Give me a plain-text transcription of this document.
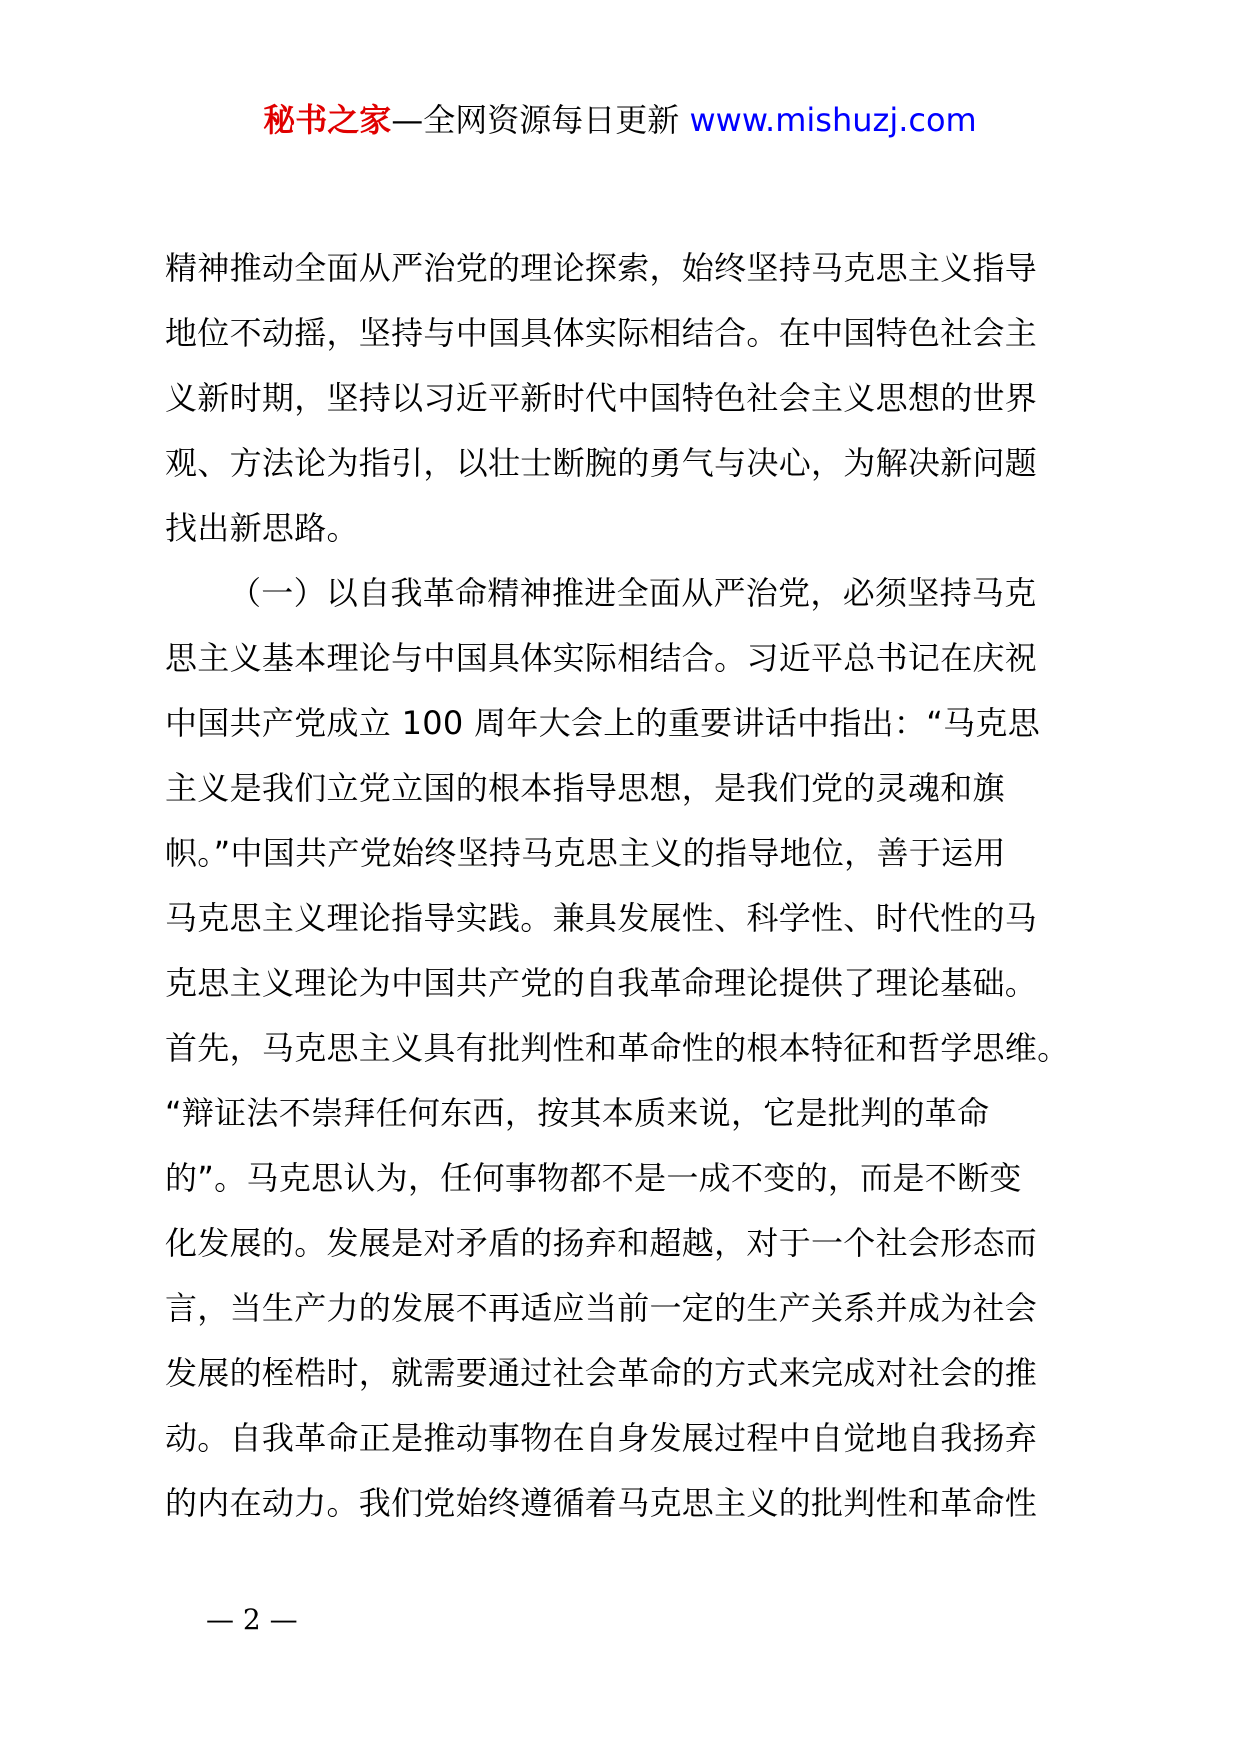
秘书之家—全网资源每日更新 www.mishuzj.com
精神推动全面从严治党的理论探索，始终坚持马克思主义指导
地位不动摇，坚持与中国具体实际相结合。在中国特色社会主
义新时期，坚持以习近平新时代中国特色社会主义思想的世界
观、方法论为指引，以壮士断腕的勇气与决心，为解决新问题
找出新思路。
（一）以自我革命精神推进全面从严治党，必须坚持马克
思主义基本理论与中国具体实际相结合。习近平总书记在庆祝
中国共产党成立 100 周年大会上的重要讲话中指出：“马克思
主义是我们立党立国的根本指导思想，是我们党的灵魂和旗
帜。”中国共产党始终坚持马克思主义的指导地位，善于运用
马克思主义理论指导实践。兼具发展性、科学性、时代性的马
克思主义理论为中国共产党的自我革命理论提供了理论基础。
首先，马克思主义具有批判性和革命性的根本特征和哲学思维。
“辩证法不崇拜任何东西，按其本质来说，它是批判的革命
的”。马克思认为，任何事物都不是一成不变的，而是不断变
化发展的。发展是对矛盾的扬弃和超越，对于一个社会形态而
言，当生产力的发展不再适应当前一定的生产关系并成为社会
发展的桎梏时，就需要通过社会革命的方式来完成对社会的推
动。自我革命正是推动事物在自身发展过程中自觉地自我扬弃
的内在动力。我们党始终遵循着马克思主义的批判性和革命性
— 2 —
